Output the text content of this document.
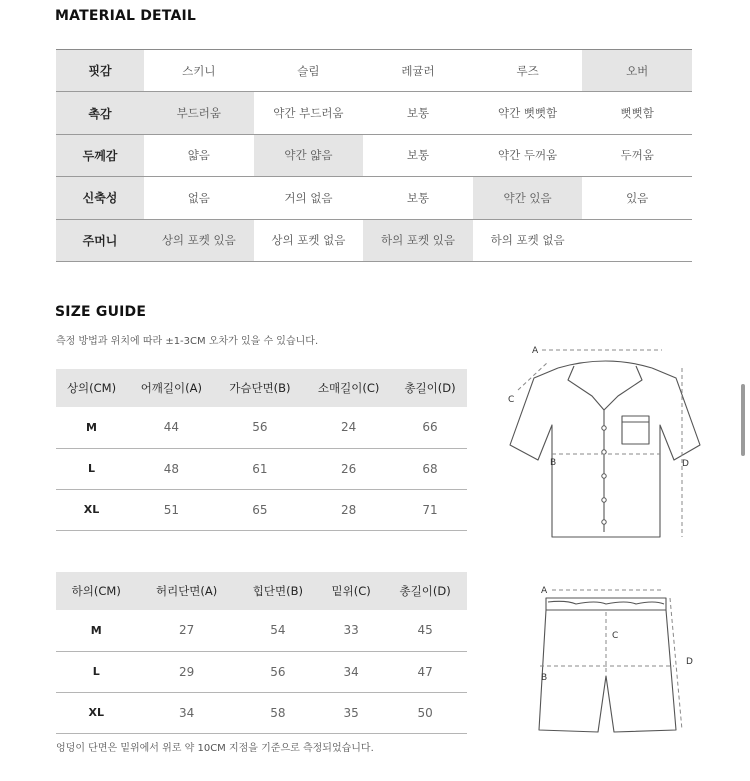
MATERIAL DETAIL
핏감	스키니	슬림	레귤러	루즈	오버
촉감	부드러움	약간 부드러움	보통	약간 뻣뻣함	뻣뻣함
두께감	얇음	약간 얇음	보통	약간 두꺼움	두꺼움
신축성	없음	거의 없음	보통	약간 있음	있음
주머니	상의 포켓 있음	상의 포켓 없음	하의 포켓 있음	하의 포켓 없음	
SIZE GUIDE
측정 방법과 위치에 따라 ±1-3CM 오차가 있을 수 있습니다.
상의(CM)	어깨길이(A)	가슴단면(B)	소매길이(C)	총길이(D)
M	44	56	24	66
L	48	61	26	68
XL	51	65	28	71
하의(CM)	허리단면(A)	힙단면(B)	밑위(C)	총길이(D)
M	27	54	33	45
L	29	56	34	47
XL	34	58	35	50
엉덩이 단면은 밑위에서 위로 약 10CM 지점을 기준으로 측정되었습니다.
A
C
B	D
A
B
C
D
